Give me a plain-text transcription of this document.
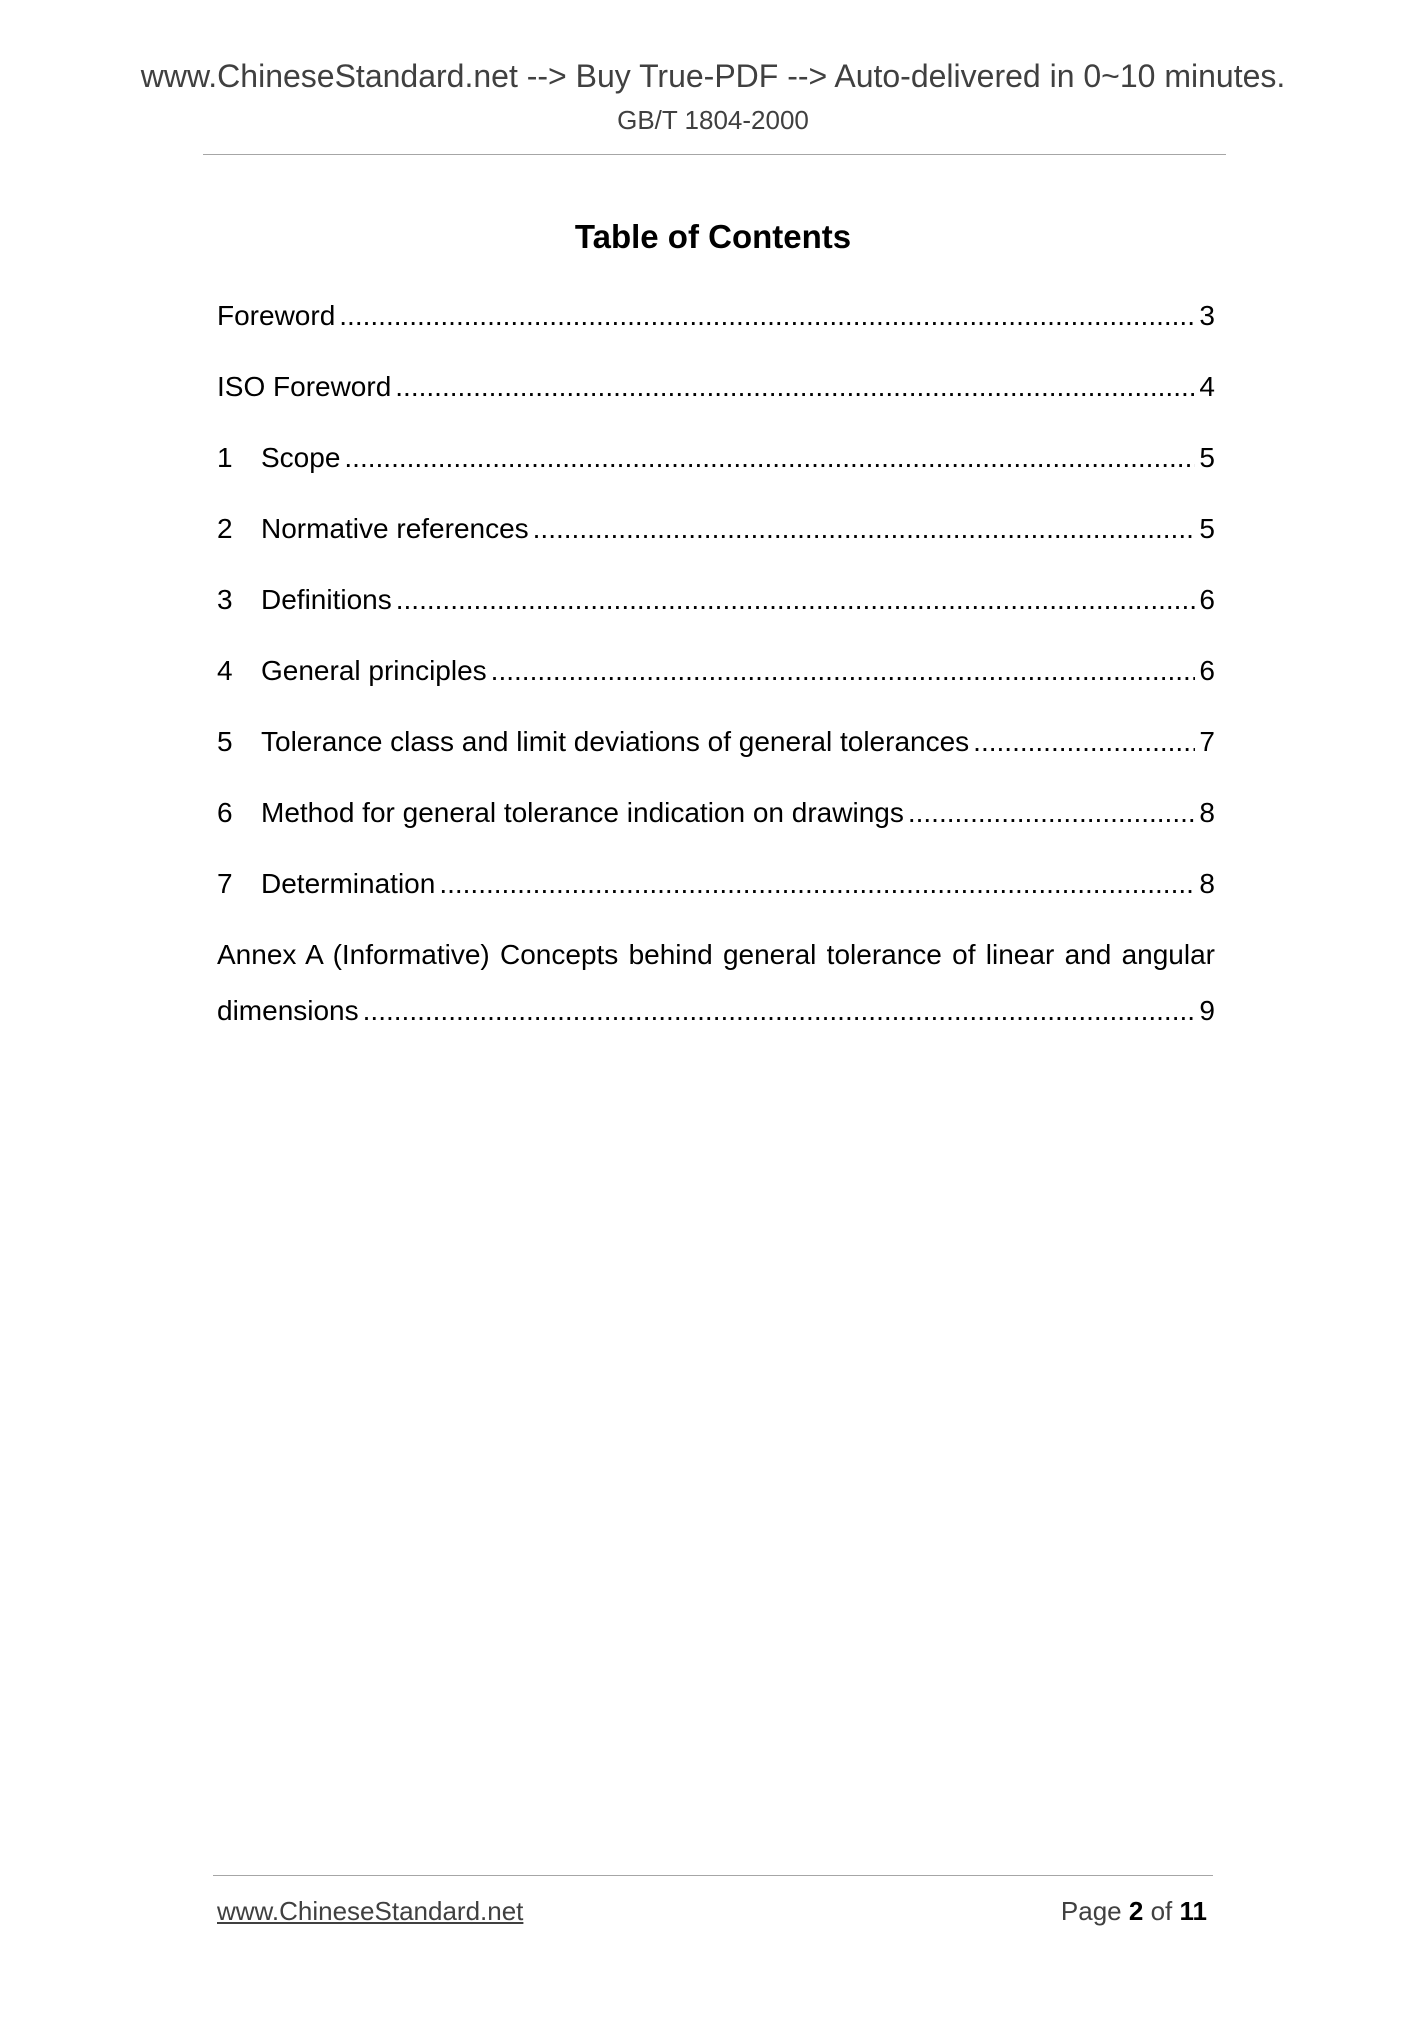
www.ChineseStandard.net --> Buy True-PDF --> Auto-delivered in 0~10 minutes.
GB/T 1804-2000
Table of Contents
Foreword .....	3
ISO Foreword .....	4
1	Scope .....	5
2	Normative references .....	5
3	Definitions .....	6
4	General principles .....	6
5	Tolerance class and limit deviations of general tolerances .....	7
6	Method for general tolerance indication on drawings .....	8
7	Determination .....	8
Annex A (Informative) Concepts behind general tolerance of linear and angular
dimensions .....	9
www.ChineseStandard.net	Page 2 of 11
